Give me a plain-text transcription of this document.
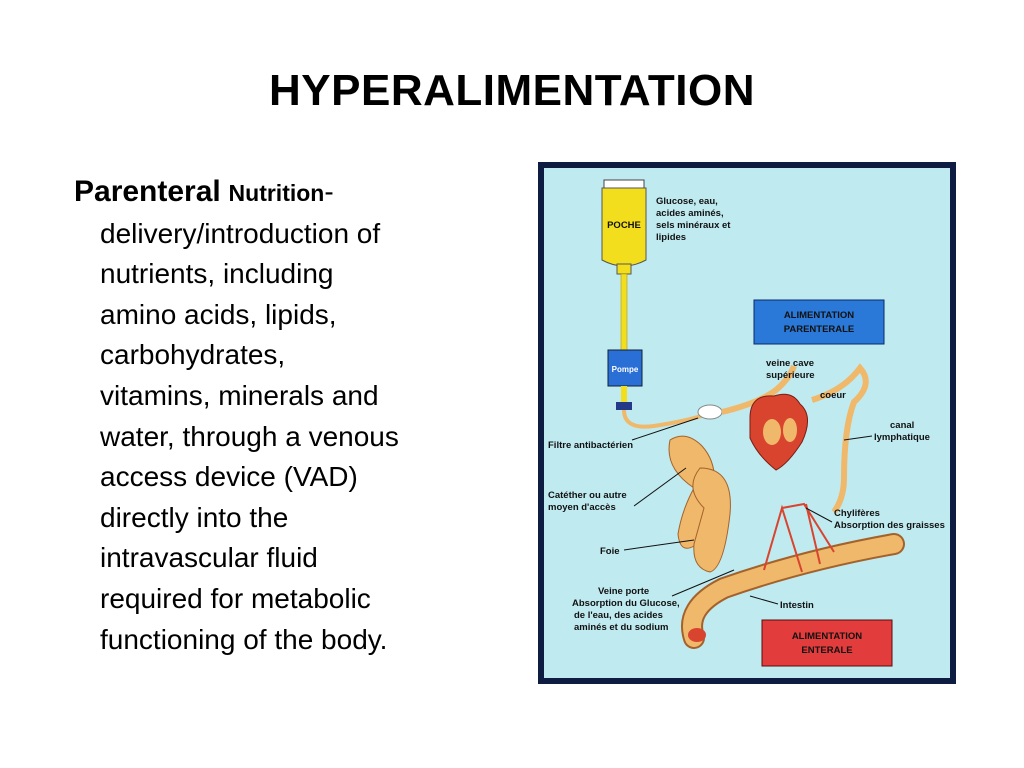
HYPERALIMENTATION
Parenteral Nutrition-
delivery/introduction of
nutrients, including
amino acids, lipids,
carbohydrates,
vitamins, minerals and
water, through a venous
access device (VAD)
directly into the
intravascular fluid
required for metabolic
functioning of the body.
POCHE
Glucose, eau,
acides aminés,
sels minéraux et
lipides
Pompe
ALIMENTATION
PARENTERALE
veine cave
supérieure
coeur
canal
lymphatique
Filtre antibactérien
Catéther ou autre
moyen d'accès
Foie
Chylifères
Absorption des graisses
Veine porte
Absorption du Glucose,
de l'eau, des acides
aminés et du sodium
Intestin
ALIMENTATION
ENTERALE
